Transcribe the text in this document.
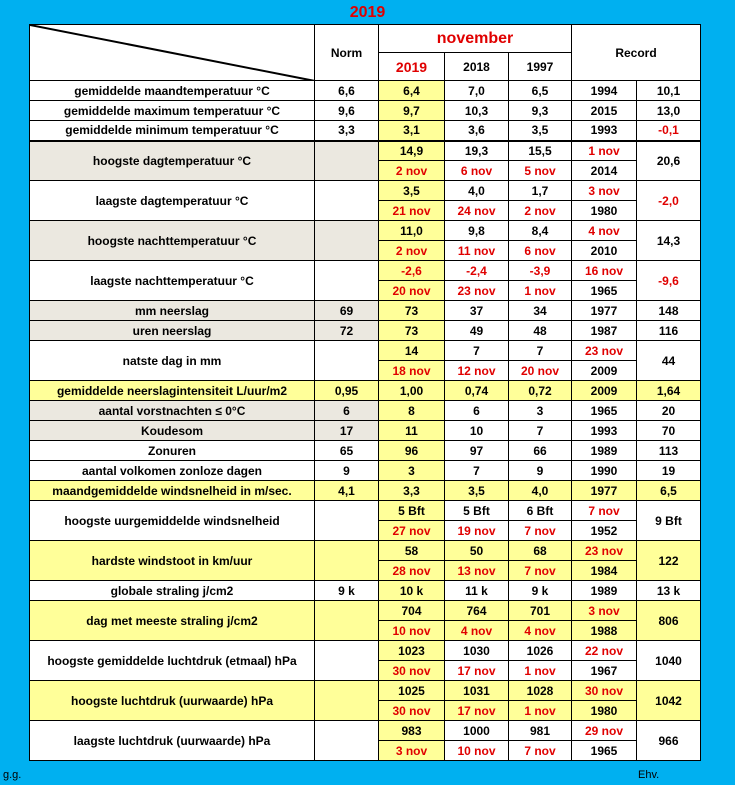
2019
	Norm	november			Record	
		2019	2018	1997		
gemiddelde maandtemperatuur °C	6,6	6,4	7,0	6,5	1994	10,1
gemiddelde maximum temperatuur °C	9,6	9,7	10,3	9,3	2015	13,0
gemiddelde minimum temperatuur °C	3,3	3,1	3,6	3,5	1993	-0,1
hoogste dagtemperatuur °C		14,9	19,3	15,5	1 nov	20,6
		2 nov	6 nov	5 nov	2014	
laagste dagtemperatuur °C		3,5	4,0	1,7	3 nov	-2,0
		21 nov	24 nov	2 nov	1980	
hoogste nachttemperatuur °C		11,0	9,8	8,4	4 nov	14,3
		2 nov	11 nov	6 nov	2010	
laagste nachttemperatuur °C		-2,6	-2,4	-3,9	16 nov	-9,6
		20 nov	23 nov	1 nov	1965	
mm neerslag	69	73	37	34	1977	148
uren neerslag	72	73	49	48	1987	116
natste dag in mm		14	7	7	23 nov	44
		18 nov	12 nov	20 nov	2009	
gemiddelde neerslagintensiteit L/uur/m2	0,95	1,00	0,74	0,72	2009	1,64
aantal vorstnachten ≤ 0°C	6	8	6	3	1965	20
Koudesom	17	11	10	7	1993	70
Zonuren	65	96	97	66	1989	113
aantal volkomen zonloze dagen	9	3	7	9	1990	19
maandgemiddelde windsnelheid in m/sec.	4,1	3,3	3,5	4,0	1977	6,5
hoogste uurgemiddelde windsnelheid		5 Bft	5 Bft	6 Bft	7 nov	9 Bft
		27 nov	19 nov	7 nov	1952	
hardste windstoot in km/uur		58	50	68	23 nov	122
		28 nov	13 nov	7 nov	1984	
globale straling j/cm2	9 k	10 k	11 k	9 k	1989	13 k
dag met meeste straling j/cm2		704	764	701	3 nov	806
		10 nov	4 nov	4 nov	1988	
hoogste gemiddelde luchtdruk (etmaal) hPa		1023	1030	1026	22 nov	1040
		30 nov	17 nov	1 nov	1967	
hoogste luchtdruk (uurwaarde) hPa		1025	1031	1028	30 nov	1042
		30 nov	17 nov	1 nov	1980	
laagste luchtdruk (uurwaarde) hPa		983	1000	981	29 nov	966
		3 nov	10 nov	7 nov	1965	
g.g.	Ehv.
